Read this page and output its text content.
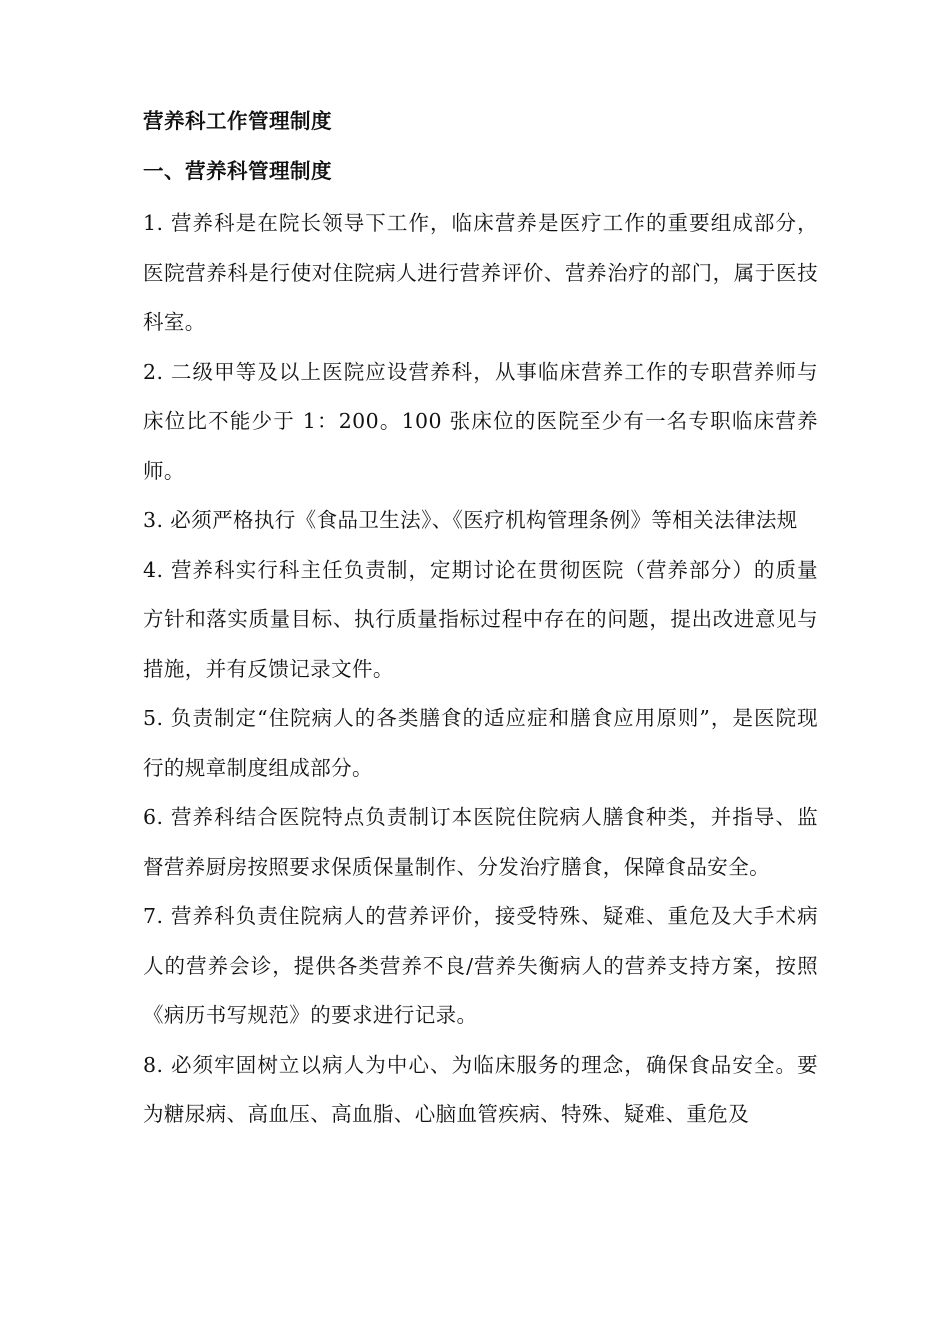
营养科工作管理制度
一、营养科管理制度

1. 营养科是在院长领导下工作，临床营养是医疗工作的重要组成部分，医院营养科是行使对住院病人进行营养评价、营养治疗的部门，属于医技科室。

2. 二级甲等及以上医院应设营养科，从事临床营养工作的专职营养师与床位比不能少于 1：200。100 张床位的医院至少有一名专职临床营养师。

3. 必须严格执行《食品卫生法》、《医疗机构管理条例》等相关法律法规

4. 营养科实行科主任负责制，定期讨论在贯彻医院（营养部分）的质量方针和落实质量目标、执行质量指标过程中存在的问题，提出改进意见与措施，并有反馈记录文件。

5. 负责制定“住院病人的各类膳食的适应症和膳食应用原则”，是医院现行的规章制度组成部分。

6. 营养科结合医院特点负责制订本医院住院病人膳食种类，并指导、监督营养厨房按照要求保质保量制作、分发治疗膳食，保障食品安全。

7. 营养科负责住院病人的营养评价，接受特殊、疑难、重危及大手术病人的营养会诊，提供各类营养不良/营养失衡病人的营养支持方案，按照《病历书写规范》的要求进行记录。

8. 必须牢固树立以病人为中心、为临床服务的理念，确保食品安全。要为糖尿病、高血压、高血脂、心脑血管疾病、特殊、疑难、重危及
